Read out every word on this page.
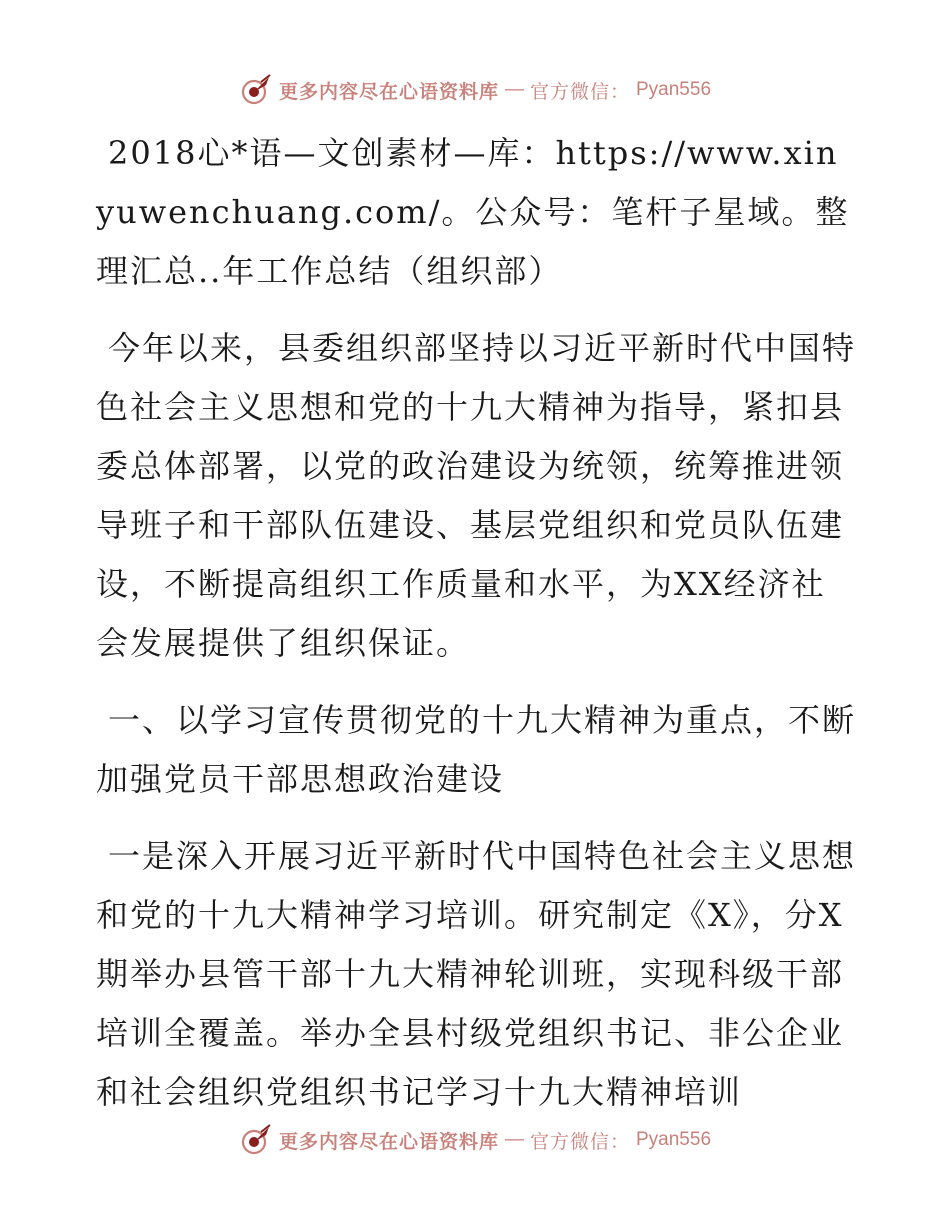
更多内容尽在心语资料库 — 官方微信： Pyan556

2018心*语—文创素材—库：https://www.xinyuwenchuang.com/。公众号：笔杆子星域。整理汇总..年工作总结（组织部）

今年以来，县委组织部坚持以习近平新时代中国特色社会主义思想和党的十九大精神为指导，紧扣县委总体部署，以党的政治建设为统领，统筹推进领导班子和干部队伍建设、基层党组织和党员队伍建设，不断提高组织工作质量和水平，为XX经济社会发展提供了组织保证。

一、以学习宣传贯彻党的十九大精神为重点，不断加强党员干部思想政治建设

一是深入开展习近平新时代中国特色社会主义思想和党的十九大精神学习培训。研究制定《X》，分X期举办县管干部十九大精神轮训班，实现科级干部培训全覆盖。举办全县村级党组织书记、非公企业和社会组织党组织书记学习十九大精神培训

更多内容尽在心语资料库 — 官方微信： Pyan556
